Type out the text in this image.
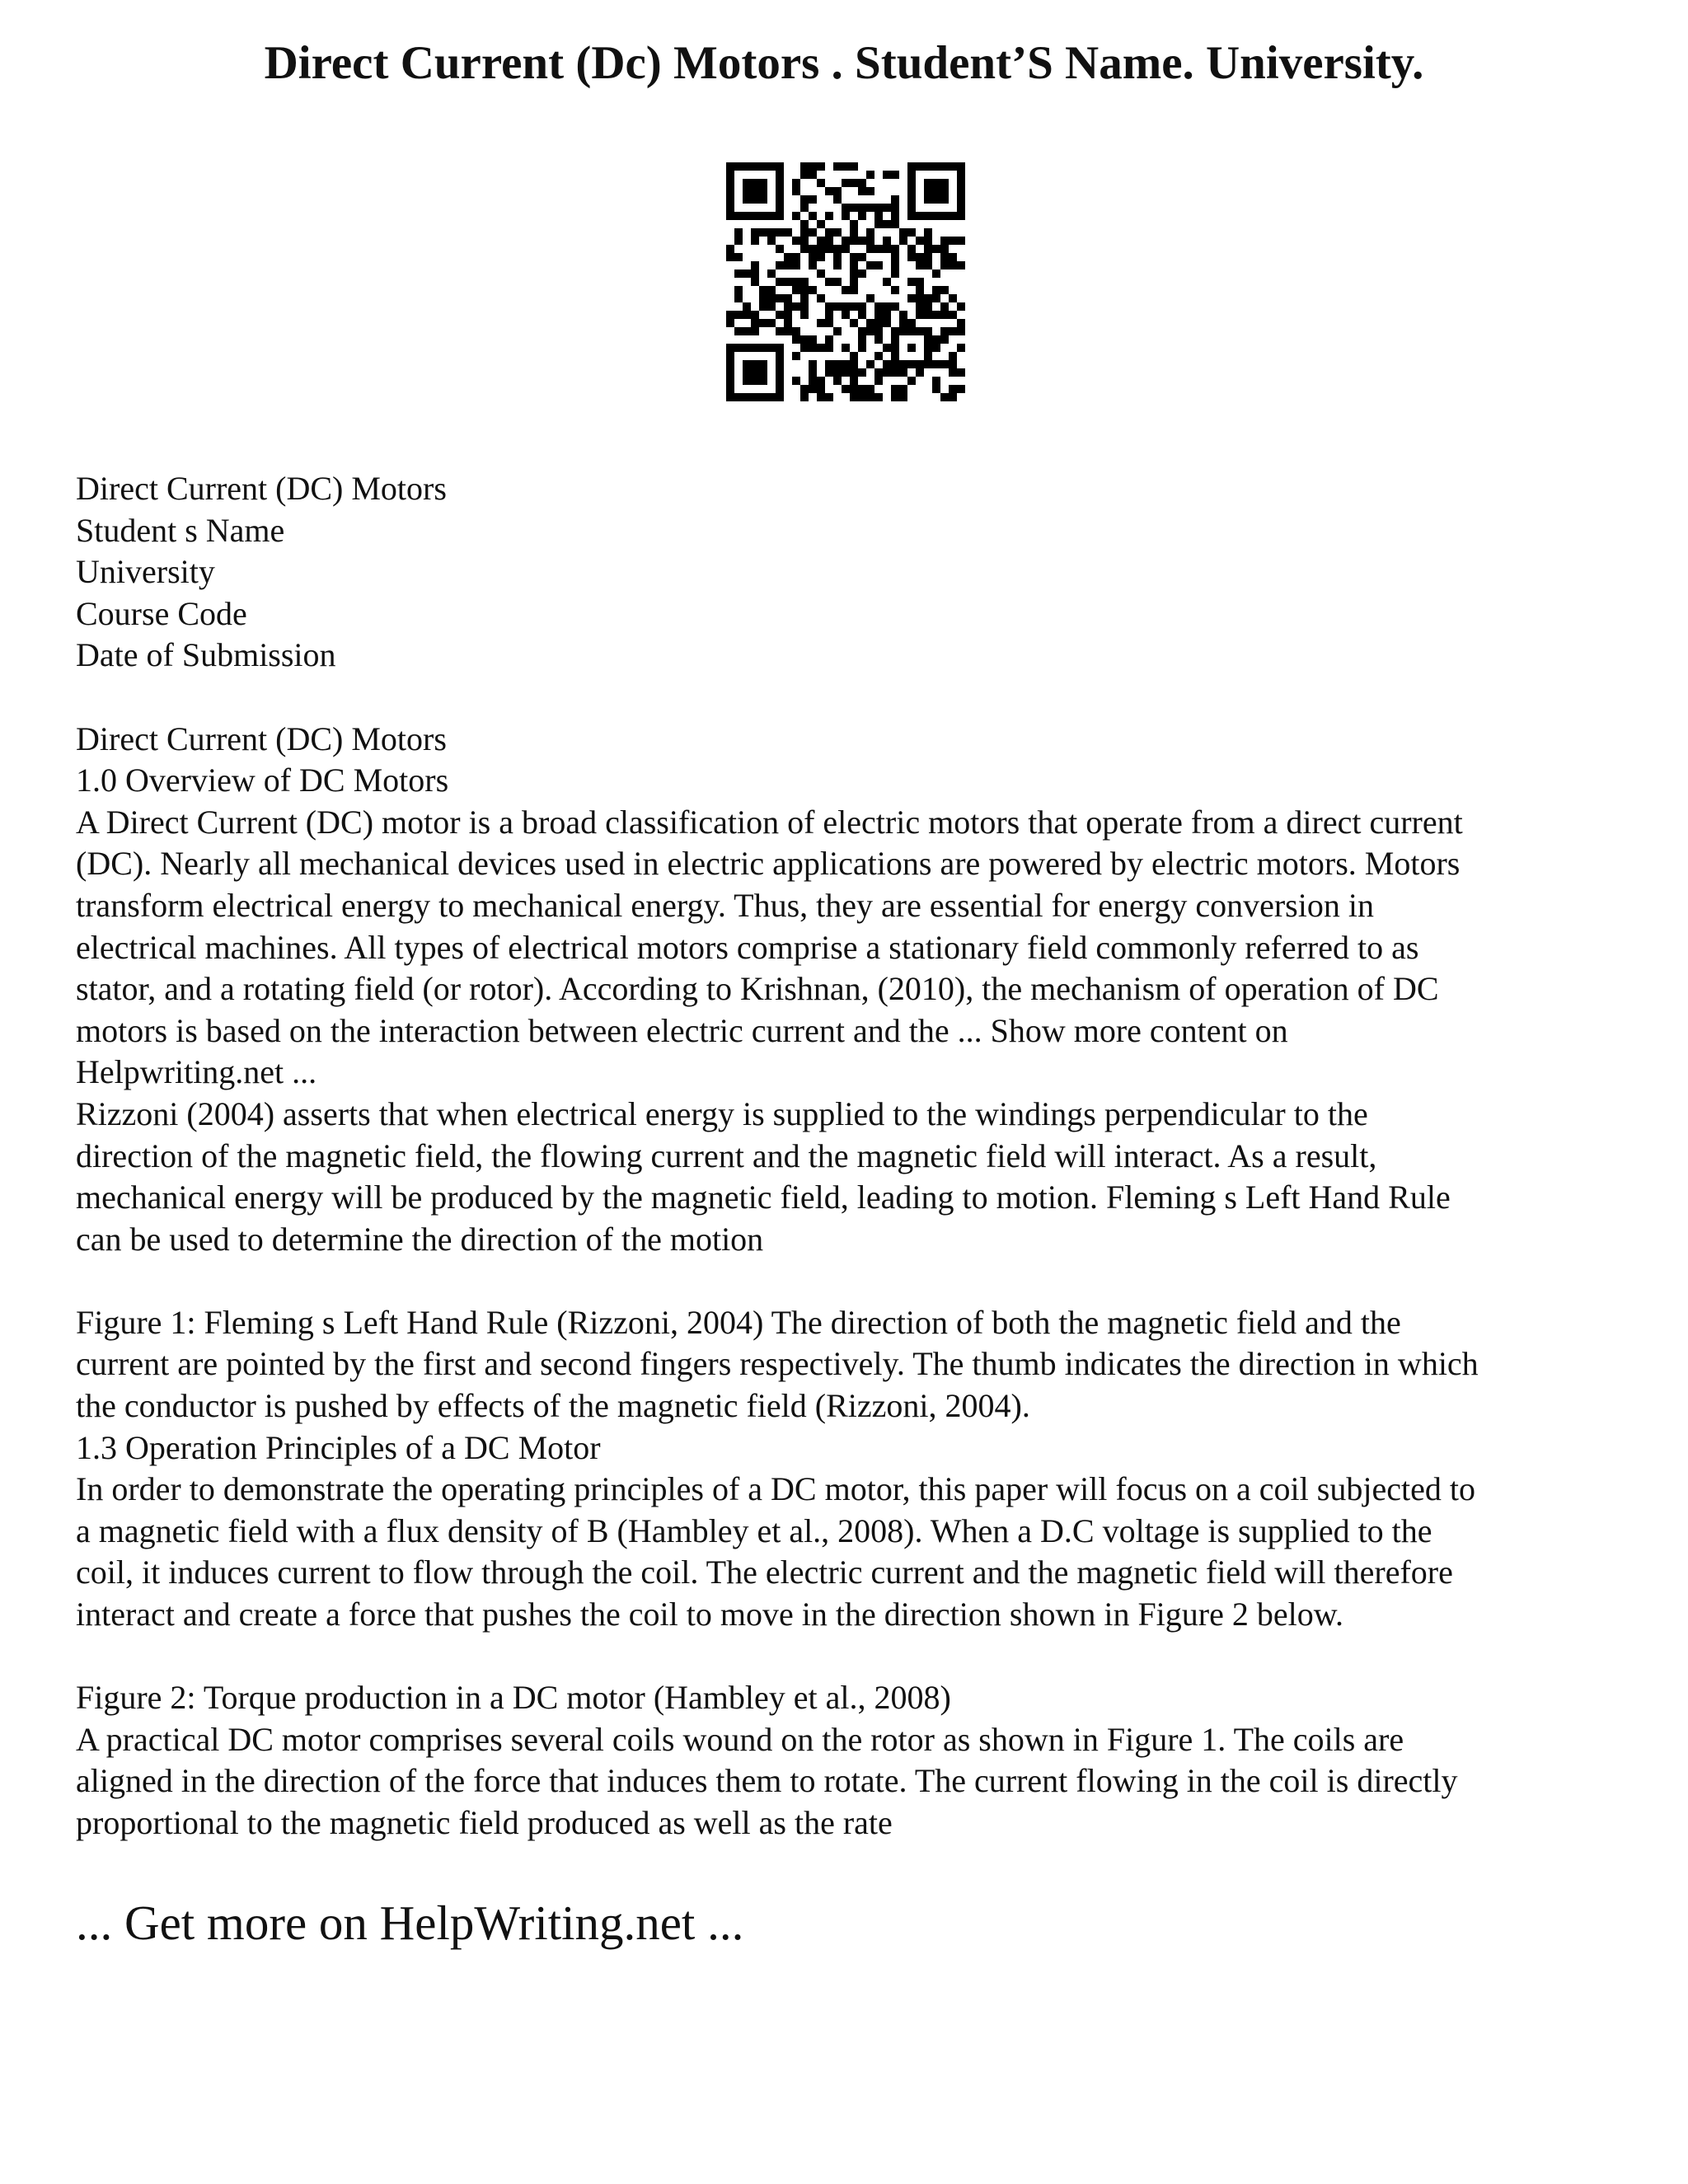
Direct Current (Dc) Motors . Student’S Name. University.
Direct Current (DC) Motors
Student s Name
University
Course Code
Date of Submission
Direct Current (DC) Motors
1.0 Overview of DC Motors
A Direct Current (DC) motor is a broad classification of electric motors that operate from a direct current
(DC). Nearly all mechanical devices used in electric applications are powered by electric motors. Motors
transform electrical energy to mechanical energy. Thus, they are essential for energy conversion in
electrical machines. All types of electrical motors comprise a stationary field commonly referred to as
stator, and a rotating field (or rotor). According to Krishnan, (2010), the mechanism of operation of DC
motors is based on the interaction between electric current and the ... Show more content on
Helpwriting.net ...
Rizzoni (2004) asserts that when electrical energy is supplied to the windings perpendicular to the
direction of the magnetic field, the flowing current and the magnetic field will interact. As a result,
mechanical energy will be produced by the magnetic field, leading to motion. Fleming s Left Hand Rule
can be used to determine the direction of the motion
Figure 1: Fleming s Left Hand Rule (Rizzoni, 2004) The direction of both the magnetic field and the
current are pointed by the first and second fingers respectively. The thumb indicates the direction in which
the conductor is pushed by effects of the magnetic field (Rizzoni, 2004).
1.3 Operation Principles of a DC Motor
In order to demonstrate the operating principles of a DC motor, this paper will focus on a coil subjected to
a magnetic field with a flux density of B (Hambley et al., 2008). When a D.C voltage is supplied to the
coil, it induces current to flow through the coil. The electric current and the magnetic field will therefore
interact and create a force that pushes the coil to move in the direction shown in Figure 2 below.
Figure 2: Torque production in a DC motor (Hambley et al., 2008)
A practical DC motor comprises several coils wound on the rotor as shown in Figure 1. The coils are
aligned in the direction of the force that induces them to rotate. The current flowing in the coil is directly
proportional to the magnetic field produced as well as the rate
... Get more on HelpWriting.net ...
